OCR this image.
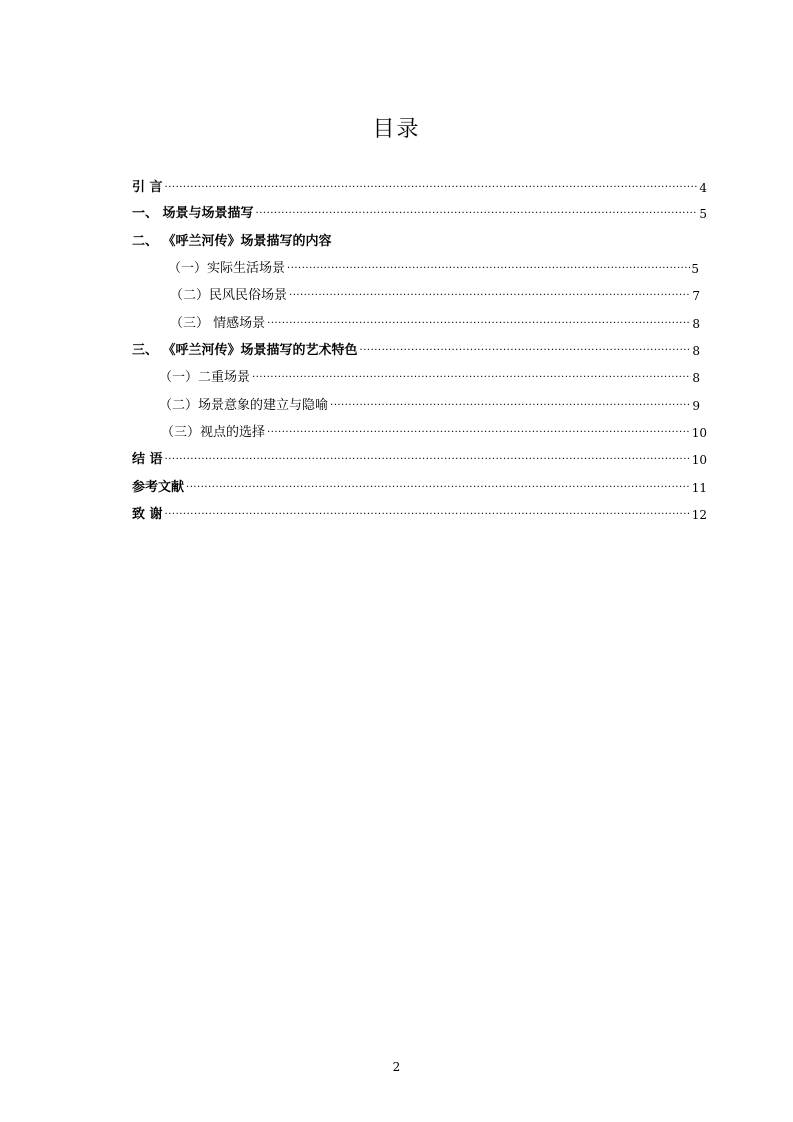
目录
引 言 ·····	4
一、 场景与场景描写 ·····	5
二、 《呼兰河传》场景描写的内容
（一）实际生活场景 ·····	5
（二）民风民俗场景 ·····	7
（三） 情感场景 ·····	8
三、 《呼兰河传》场景描写的艺术特色 ·····	8
（一）二重场景 ·····	8
（二）场景意象的建立与隐喻 ·····	9
（三）视点的选择 ·····	10
结 语 ·····	10
参考文献 ·····	11
致 谢 ·····	12
2
